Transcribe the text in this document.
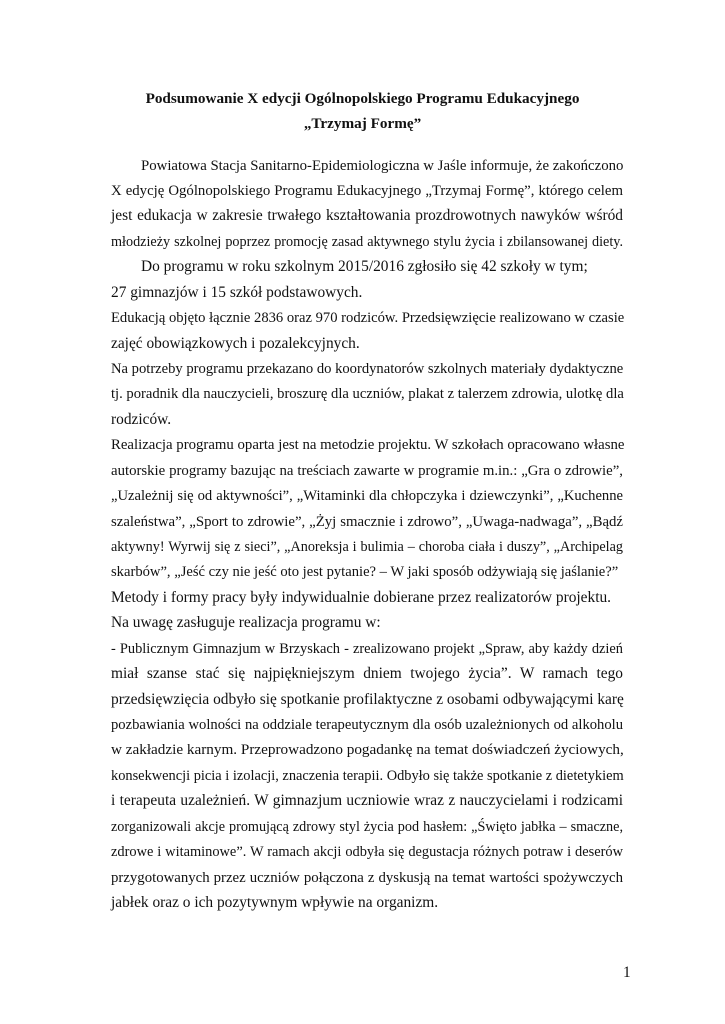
Podsumowanie X edycji Ogólnopolskiego Programu Edukacyjnego
„Trzymaj Formę”
Powiatowa Stacja Sanitarno-Epidemiologiczna w Jaśle informuje, że zakończono
X edycję Ogólnopolskiego Programu Edukacyjnego „Trzymaj Formę”, którego celem
jest edukacja w zakresie trwałego kształtowania prozdrowotnych nawyków wśród
młodzieży szkolnej poprzez promocję zasad aktywnego stylu życia i zbilansowanej diety.
Do programu w roku szkolnym 2015/2016 zgłosiło się 42 szkoły w tym;
27 gimnazjów i 15 szkół podstawowych.
Edukacją objęto łącznie 2836 oraz 970 rodziców. Przedsięwzięcie realizowano w czasie
zajęć obowiązkowych i pozalekcyjnych.
Na potrzeby programu przekazano do koordynatorów szkolnych materiały dydaktyczne
tj. poradnik dla nauczycieli, broszurę dla uczniów, plakat z talerzem zdrowia, ulotkę dla
rodziców.
Realizacja programu oparta jest na metodzie projektu. W szkołach opracowano własne
autorskie programy bazując na treściach zawarte w programie m.in.: „Gra o zdrowie”,
„Uzależnij się od aktywności”, „Witaminki dla chłopczyka i dziewczynki”, „Kuchenne
szaleństwa”, „Sport to zdrowie”, „Żyj smacznie i zdrowo”, „Uwaga-nadwaga”, „Bądź
aktywny! Wyrwij się z sieci”, „Anoreksja i bulimia – choroba ciała i duszy”, „Archipelag
skarbów”, „Jeść czy nie jeść oto jest pytanie? – W jaki sposób odżywiają się jaślanie?”
Metody i formy pracy były indywidualnie dobierane przez realizatorów projektu.
Na uwagę zasługuje realizacja programu w:
- Publicznym Gimnazjum w Brzyskach - zrealizowano projekt „Spraw, aby każdy dzień
miał szanse stać się najpiękniejszym dniem twojego życia”. W ramach tego
przedsięwzięcia odbyło się spotkanie profilaktyczne z osobami odbywającymi karę
pozbawiania wolności na oddziale terapeutycznym dla osób uzależnionych od alkoholu
w zakładzie karnym. Przeprowadzono pogadankę na temat doświadczeń życiowych,
konsekwencji picia i izolacji, znaczenia terapii. Odbyło się także spotkanie z dietetykiem
i terapeuta uzależnień. W gimnazjum uczniowie wraz z nauczycielami i rodzicami
zorganizowali akcje promującą zdrowy styl życia pod hasłem: „Święto jabłka – smaczne,
zdrowe i witaminowe”. W ramach akcji odbyła się degustacja różnych potraw i deserów
przygotowanych przez uczniów połączona z dyskusją na temat wartości spożywczych
jabłek oraz o ich pozytywnym wpływie na organizm.
1
